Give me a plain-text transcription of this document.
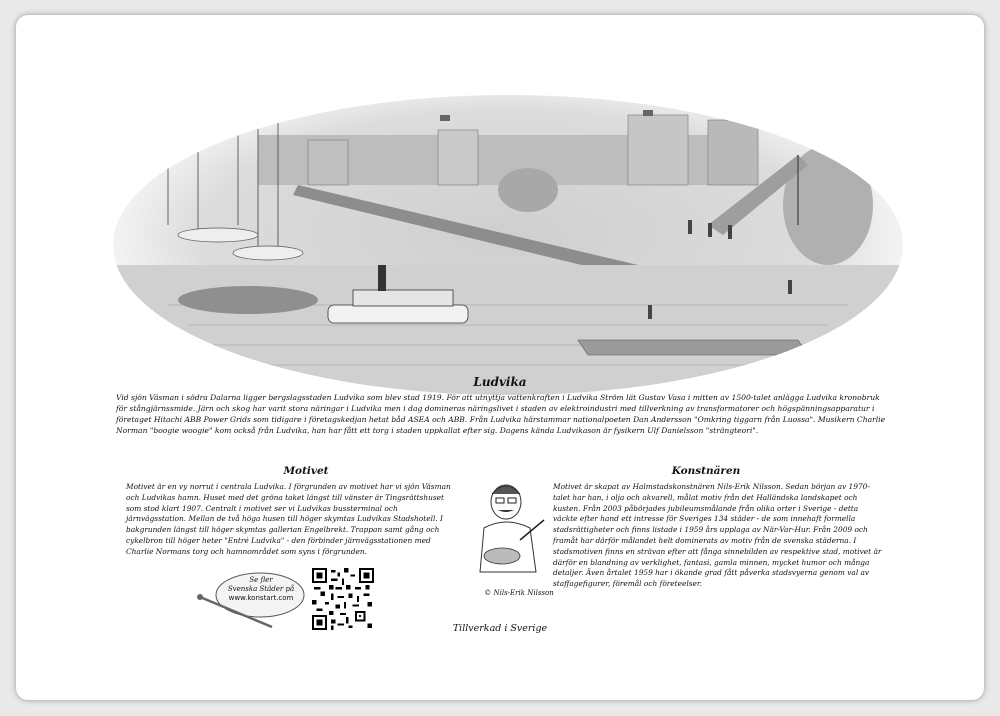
Ludvika

Vid sjön Väsman i södra Dalarna ligger bergslagsstaden Ludvika som blev stad 1919. För att utnyttja vattenkraften i Ludvika Ström lät Gustav Vasa i mitten av 1500-talet anlägga Ludvika kronobruk för stångjärnssmide. Järn och skog har varit stora näringar i Ludvika men i dag domineras näringslivet i staden av elektroindustri med tillverkning av transformatorer och högspänningsapparatur i företaget Hitachi ABB Power Grids som tidigare i företagskedjan hetat båd ASEA och ABB. Från Ludvika härstammar nationalpoeten Dan Andersson "Omkring tiggarn från Luossa". Musikern Charlie Norman "boogie woogie" kom också från Ludvika, han har fått ett torg i staden uppkallat efter sig. Dagens kända Ludvikason är fysikern Ulf Danielsson "strängteori".

Motivet

Motivet är en vy norrut i centrala Ludvika. I förgrunden av motivet har vi sjön Väsman och Ludvikas hamn. Huset med det gröna taket längst till vänster är Tingsrättshuset som stod klart 1907. Centralt i motivet ser vi Ludvikas bussterminal och järnvägsstation. Mellan de två höga husen till höger skymtas Ludvikas Stadshotell. I bakgrunden längst till höger skymtas gallerian Engelbrekt. Trappan samt gång och cykelbron till höger heter "Entré Ludvika" - den förbinder järnvägsstationen med Charlie Normans torg och hamnområdet som syns i förgrunden.

© Nils-Erik Nilsson

Konstnären

Motivet är skapat av Halmstadskonstnären Nils-Erik Nilsson. Sedan början av 1970-talet har han, i olja och akvarell, målat motiv från det Halländska landskapet och kusten. Från 2003 påbörjades jubileumsmålande från olika orter i Sverige - detta väckte efter hand ett intresse för Sveriges 134 städer - de som innehaft formella stadsrättigheter och finns listade i 1959 års upplaga av När-Var-Hur. Från 2009 och framåt har därför målandet helt dominerats av motiv från de svenska städerna. I stadsmotiven finns en strävan efter att fånga sinnebilden av respektive stad, motivet är därför en blandning av verklighet, fantasi, gamla minnen, mycket humor och många detaljer. Även årtalet 1959 har i ökande grad fått påverka stadsvyerna genom val av staffagefigurer, föremål och företeelser.

Se fler
Svenska Städer på
www.konstart.com

Tillverkad i Sverige
